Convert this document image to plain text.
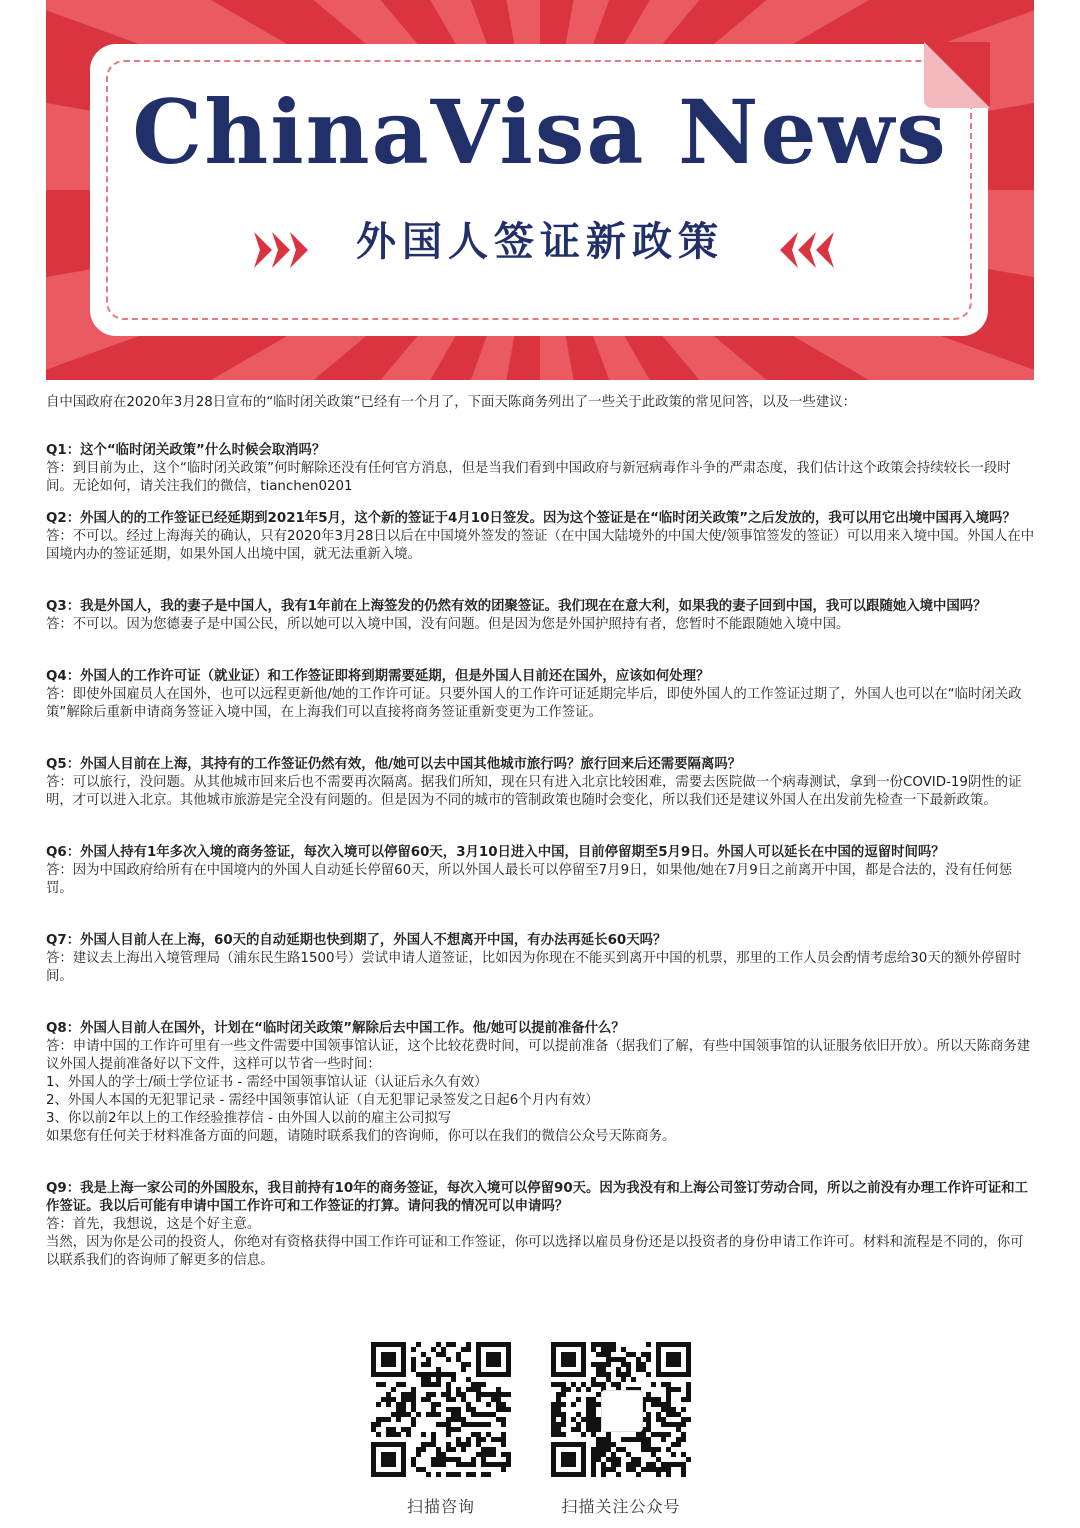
ChinaVisa News
外国人签证新政策

自中国政府在2020年3月28日宣布的“临时闭关政策”已经有一个月了，下面天陈商务列出了一些关于此政策的常见问答，以及一些建议：

Q1：这个“临时闭关政策”什么时候会取消吗？

答：到目前为止，这个“临时闭关政策”何时解除还没有任何官方消息，但是当我们看到中国政府与新冠病毒作斗争的严肃态度，我们估计这个政策会持续较长一段时间。无论如何，请关注我们的微信，tianchen0201

Q2：外国人的的工作签证已经延期到2021年5月，这个新的签证于4月10日签发。因为这个签证是在“临时闭关政策”之后发放的，我可以用它出境中国再入境吗？

答：不可以。经过上海海关的确认，只有2020年3月28日以后在中国境外签发的签证（在中国大陆境外的中国大使/领事馆签发的签证）可以用来入境中国。外国人在中国境内办的签证延期，如果外国人出境中国，就无法重新入境。

Q3：我是外国人，我的妻子是中国人，我有1年前在上海签发的仍然有效的团聚签证。我们现在在意大利，如果我的妻子回到中国，我可以跟随她入境中国吗？

答：不可以。因为您德妻子是中国公民，所以她可以入境中国，没有问题。但是因为您是外国护照持有者，您暂时不能跟随她入境中国。

Q4：外国人的工作许可证（就业证）和工作签证即将到期需要延期，但是外国人目前还在国外，应该如何处理？

答：即使外国雇员人在国外，也可以远程更新他/她的工作许可证。只要外国人的工作许可证延期完毕后，即使外国人的工作签证过期了，外国人也可以在“临时闭关政策”解除后重新申请商务签证入境中国，在上海我们可以直接将商务签证重新变更为工作签证。

Q5：外国人目前在上海，其持有的工作签证仍然有效，他/她可以去中国其他城市旅行吗？旅行回来后还需要隔离吗？

答：可以旅行，没问题。从其他城市回来后也不需要再次隔离。据我们所知，现在只有进入北京比较困难，需要去医院做一个病毒测试，拿到一份COVID-19阴性的证明，才可以进入北京。其他城市旅游是完全没有问题的。但是因为不同的城市的管制政策也随时会变化，所以我们还是建议外国人在出发前先检查一下最新政策。

Q6：外国人持有1年多次入境的商务签证，每次入境可以停留60天，3月10日进入中国，目前停留期至5月9日。外国人可以延长在中国的逗留时间吗？

答：因为中国政府给所有在中国境内的外国人自动延长停留60天，所以外国人最长可以停留至7月9日，如果他/她在7月9日之前离开中国，都是合法的，没有任何惩罚。

Q7：外国人目前人在上海，60天的自动延期也快到期了，外国人不想离开中国，有办法再延长60天吗？

答：建议去上海出入境管理局（浦东民生路1500号）尝试申请人道签证，比如因为你现在不能买到离开中国的机票，那里的工作人员会酌情考虑给30天的额外停留时间。

Q8：外国人目前人在国外，计划在“临时闭关政策”解除后去中国工作。他/她可以提前准备什么？

答：申请中国的工作许可里有一些文件需要中国领事馆认证，这个比较花费时间，可以提前准备（据我们了解，有些中国领事馆的认证服务依旧开放）。所以天陈商务建议外国人提前准备好以下文件，这样可以节省一些时间：

1、外国人的学士/硕士学位证书 - 需经中国领事馆认证（认证后永久有效）

2、外国人本国的无犯罪记录 - 需经中国领事馆认证（自无犯罪记录签发之日起6个月内有效）

3、你以前2年以上的工作经验推荐信 - 由外国人以前的雇主公司拟写

如果您有任何关于材料准备方面的问题，请随时联系我们的咨询师，你可以在我们的微信公众号天陈商务。

Q9：我是上海一家公司的外国股东，我目前持有10年的商务签证，每次入境可以停留90天。因为我没有和上海公司签订劳动合同，所以之前没有办理工作许可证和工作签证。我以后可能有申请中国工作许可和工作签证的打算。请问我的情况可以申请吗？

答：首先，我想说，这是个好主意。

当然，因为你是公司的投资人，你绝对有资格获得中国工作许可证和工作签证，你可以选择以雇员身份还是以投资者的身份申请工作许可。材料和流程是不同的，你可以联系我们的咨询师了解更多的信息。

扫描咨询	扫描关注公众号
